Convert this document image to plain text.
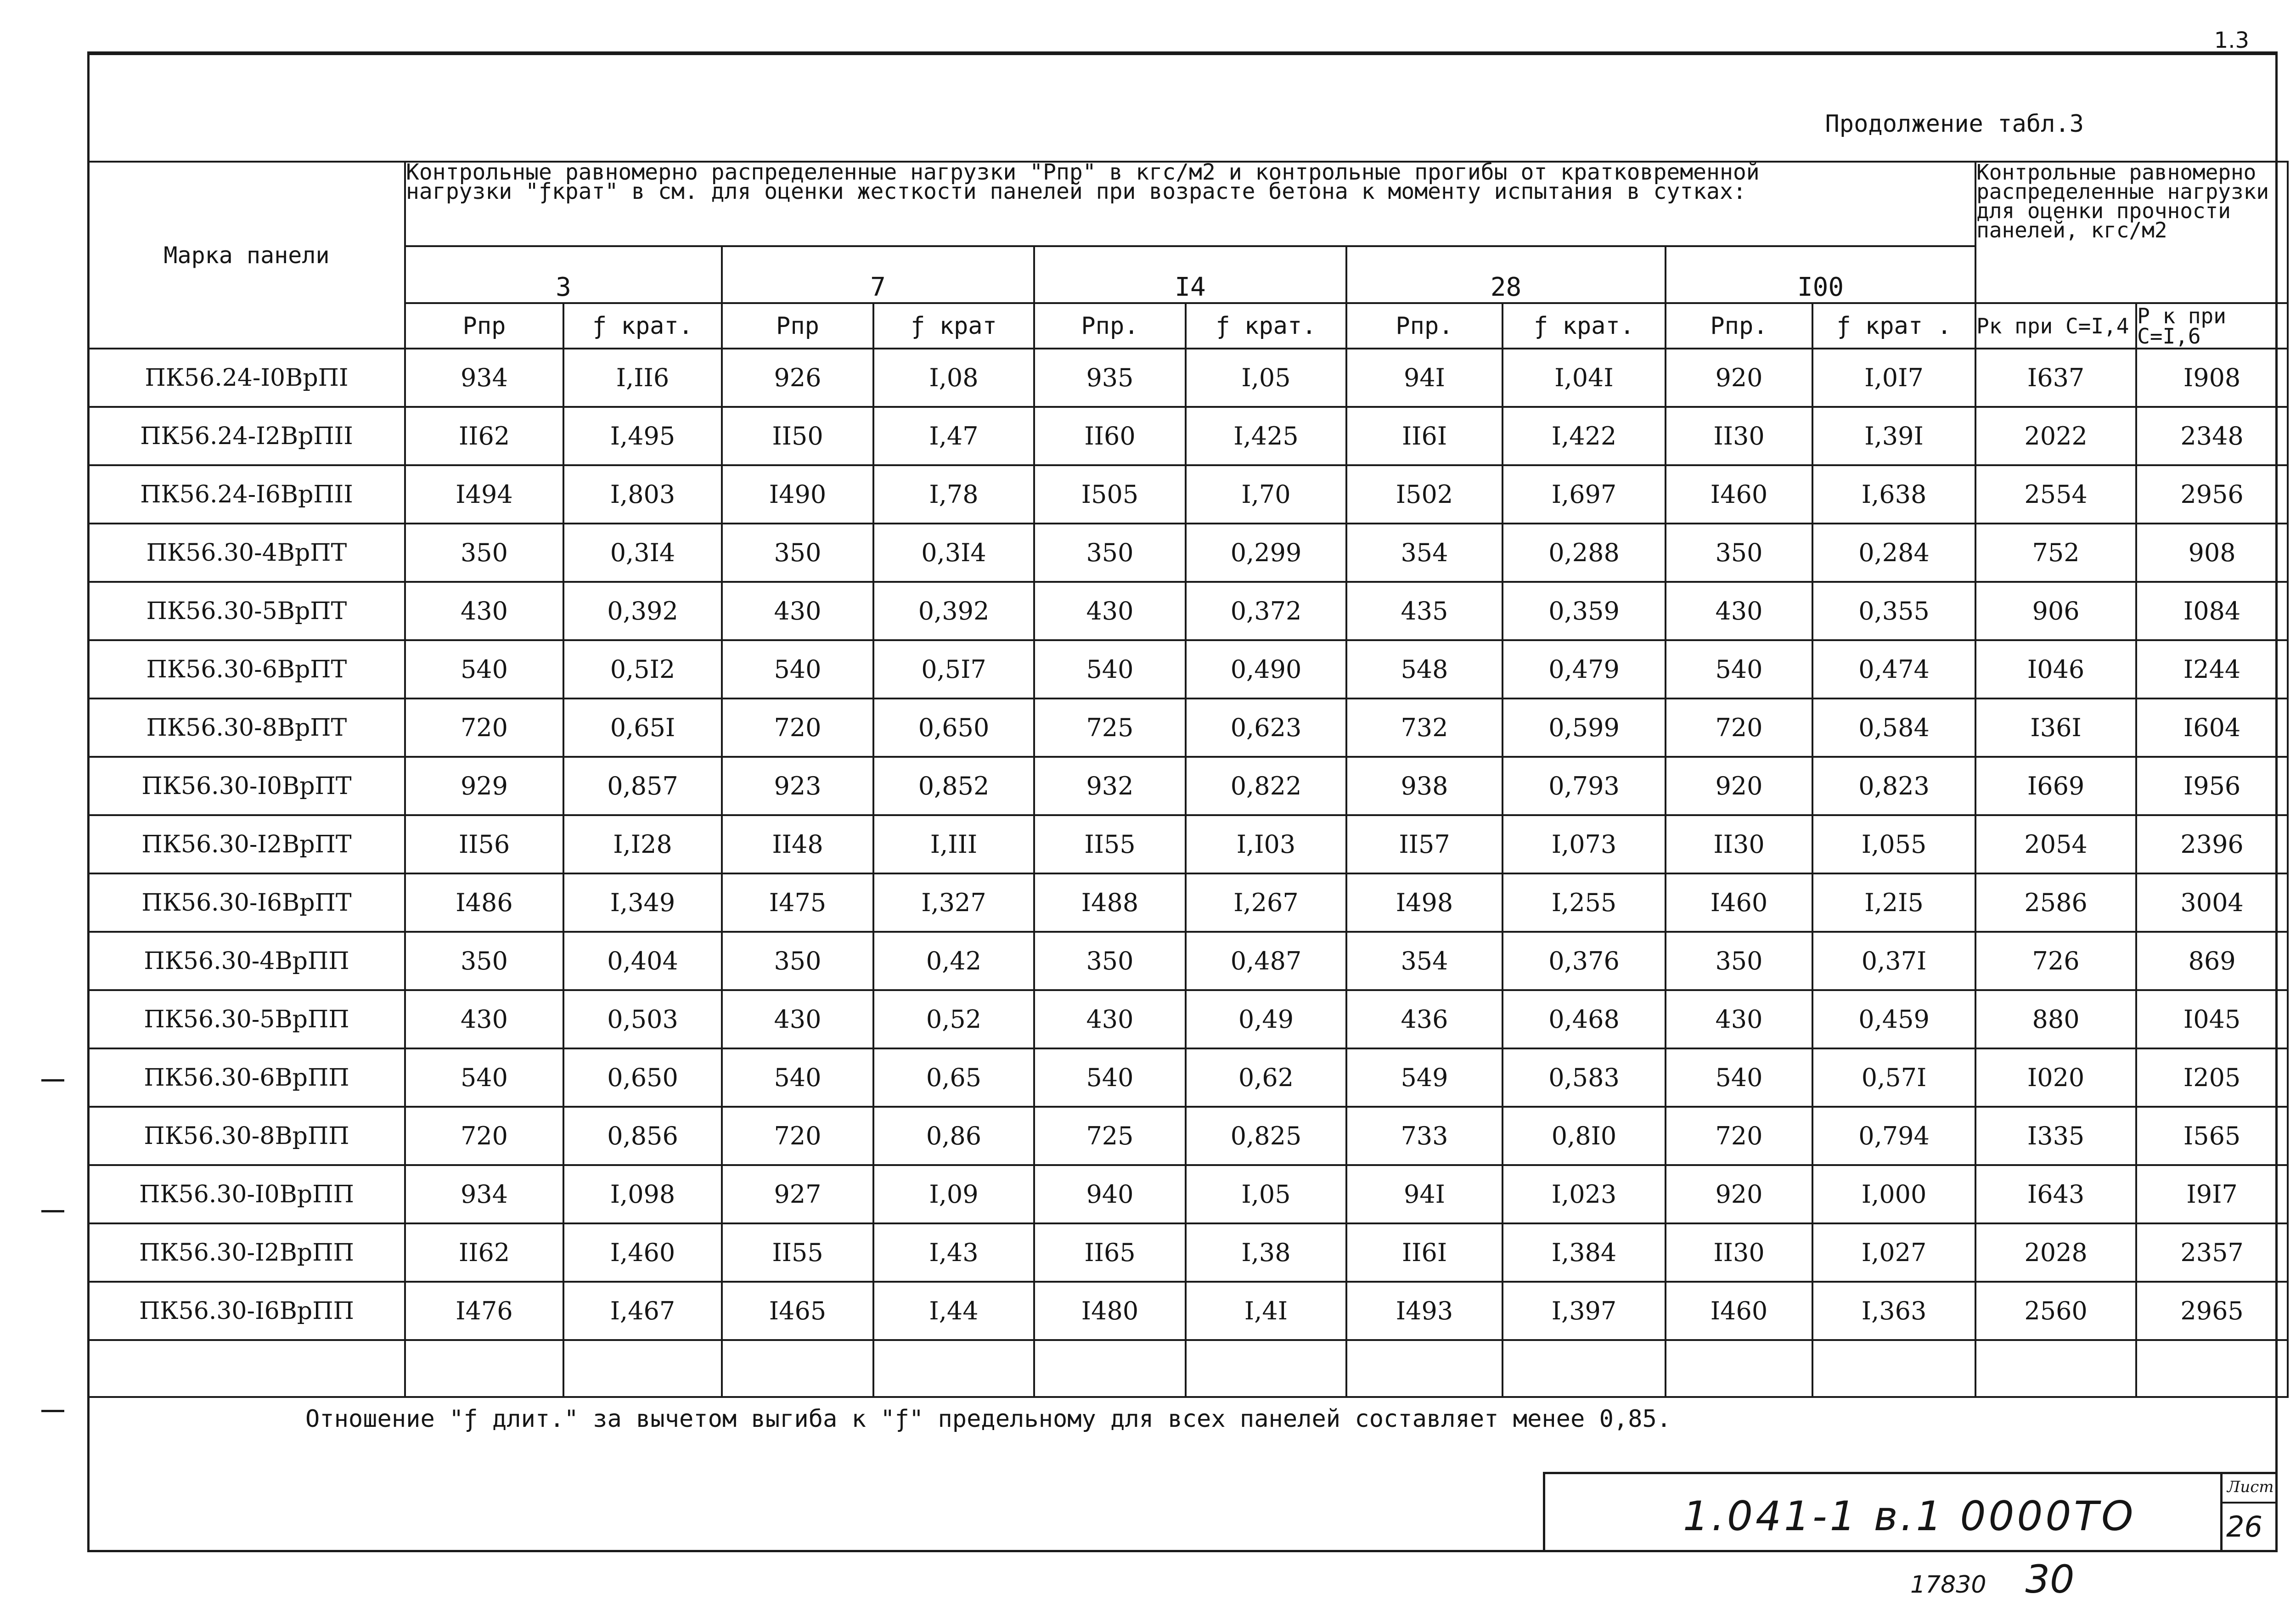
1.3
Продолжение табл.3
Марка панели	Контрольные равномерно распределенные нагрузки "Рпр" в кгс/м2 и контрольные прогибы от кратковременной
нагрузки "ƒкрат" в см. для оценки жесткости панелей при возрасте бетона к моменту испытания в сутках:										Контрольные равномерно распределенные нагрузки для оценки прочности панелей, кгс/м2	
	3		7		I4		28		I00			
	Рпр	ƒ крат.	Рпр	ƒ крат	Рпр.	ƒ крат.	Рпр.	ƒ крат.	Рпр.	ƒ крат .	Рк при С=I,4	Р к при С=I,6
ПК56.24-I0ВрПI	934	I,II6	926	I,08	935	I,05	94I	I,04I	920	I,0I7	I637	I908
ПК56.24-I2ВрПII	II62	I,495	II50	I,47	II60	I,425	II6I	I,422	II30	I,39I	2022	2348
ПК56.24-I6ВрПII	I494	I,803	I490	I,78	I505	I,70	I502	I,697	I460	I,638	2554	2956
ПК56.30-4ВрПТ	350	0,3I4	350	0,3I4	350	0,299	354	0,288	350	0,284	752	908
ПК56.30-5ВрПТ	430	0,392	430	0,392	430	0,372	435	0,359	430	0,355	906	I084
ПК56.30-6ВрПТ	540	0,5I2	540	0,5I7	540	0,490	548	0,479	540	0,474	I046	I244
ПК56.30-8ВрПТ	720	0,65I	720	0,650	725	0,623	732	0,599	720	0,584	I36I	I604
ПК56.30-I0ВрПТ	929	0,857	923	0,852	932	0,822	938	0,793	920	0,823	I669	I956
ПК56.30-I2ВрПТ	II56	I,I28	II48	I,III	II55	I,I03	II57	I,073	II30	I,055	2054	2396
ПК56.30-I6ВрПТ	I486	I,349	I475	I,327	I488	I,267	I498	I,255	I460	I,2I5	2586	3004
ПК56.30-4ВрПП	350	0,404	350	0,42	350	0,487	354	0,376	350	0,37I	726	869
ПК56.30-5ВрПП	430	0,503	430	0,52	430	0,49	436	0,468	430	0,459	880	I045
ПК56.30-6ВрПП	540	0,650	540	0,65	540	0,62	549	0,583	540	0,57I	I020	I205
ПК56.30-8ВрПП	720	0,856	720	0,86	725	0,825	733	0,8I0	720	0,794	I335	I565
ПК56.30-I0ВрПП	934	I,098	927	I,09	940	I,05	94I	I,023	920	I,000	I643	I9I7
ПК56.30-I2ВрПП	II62	I,460	II55	I,43	II65	I,38	II6I	I,384	II30	I,027	2028	2357
ПК56.30-I6ВрПП	I476	I,467	I465	I,44	I480	I,4I	I493	I,397	I460	I,363	2560	2965

Отношение "ƒ длит." за вычетом выгиба к "ƒ" предельному для всех панелей составляет менее 0,85.
1.041-1 в.1 0000ТО
Лист
26
17830 30
